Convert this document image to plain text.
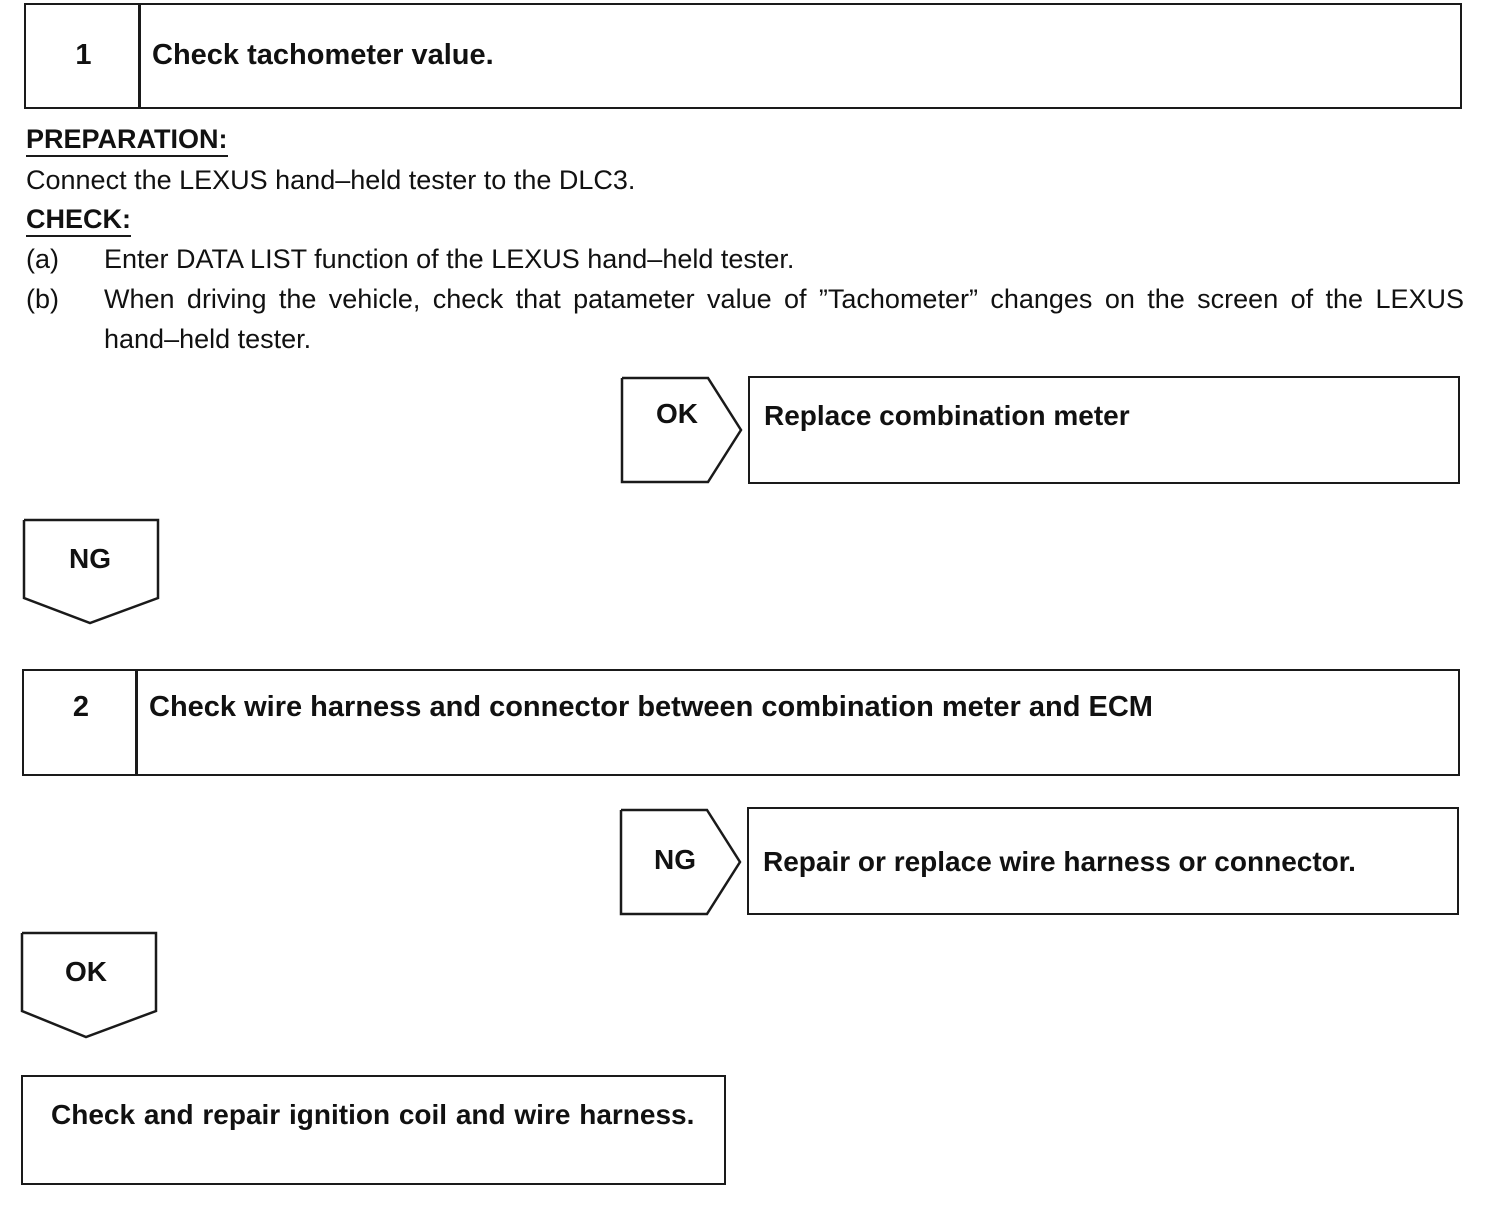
1	Check tachometer value.
PREPARATION:
Connect the LEXUS hand–held tester to the DLC3.
CHECK:
(a) Enter DATA LIST function of the LEXUS hand–held tester.
(b) When driving the vehicle, check that patameter value of ”Tachometer” changes on the screen of the LEXUS hand–held tester.
OK	Replace combination meter
NG
2	Check wire harness and connector between combination meter and ECM
NG	Repair or replace wire harness or connector.
OK
Check and repair ignition coil and wire harness.
